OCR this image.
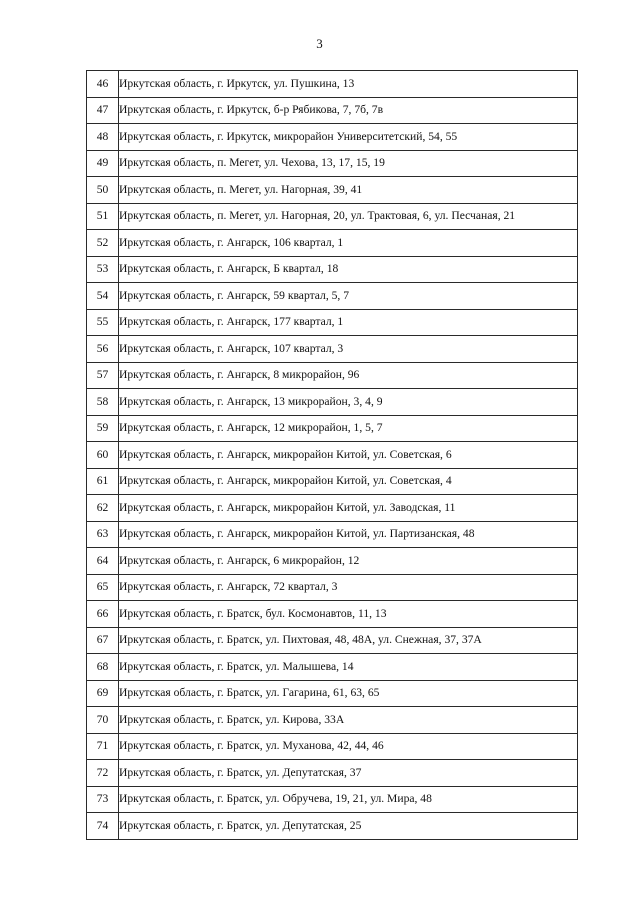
3
46	Иркутская область, г. Иркутск, ул. Пушкина, 13
47	Иркутская область, г. Иркутск, б-р Рябикова, 7, 7б, 7в
48	Иркутская область, г. Иркутск, микрорайон Университетский, 54, 55
49	Иркутская область, п. Мегет, ул. Чехова, 13, 17, 15, 19
50	Иркутская область, п. Мегет, ул. Нагорная, 39, 41
51	Иркутская область, п. Мегет, ул. Нагорная, 20, ул. Трактовая, 6, ул. Песчаная, 21
52	Иркутская область, г. Ангарск, 106 квартал, 1
53	Иркутская область, г. Ангарск, Б квартал, 18
54	Иркутская область, г. Ангарск, 59 квартал, 5, 7
55	Иркутская область, г. Ангарск, 177 квартал, 1
56	Иркутская область, г. Ангарск, 107 квартал, 3
57	Иркутская область, г. Ангарск, 8 микрорайон, 96
58	Иркутская область, г. Ангарск, 13 микрорайон, 3, 4, 9
59	Иркутская область, г. Ангарск, 12 микрорайон, 1, 5, 7
60	Иркутская область, г. Ангарск, микрорайон Китой, ул. Советская, 6
61	Иркутская область, г. Ангарск, микрорайон Китой, ул. Советская, 4
62	Иркутская область, г. Ангарск, микрорайон Китой, ул. Заводская, 11
63	Иркутская область, г. Ангарск, микрорайон Китой, ул. Партизанская, 48
64	Иркутская область, г. Ангарск, 6 микрорайон, 12
65	Иркутская область, г. Ангарск, 72 квартал, 3
66	Иркутская область, г. Братск, бул. Космонавтов, 11, 13
67	Иркутская область, г. Братск, ул. Пихтовая, 48, 48А, ул. Снежная, 37, 37А
68	Иркутская область, г. Братск, ул. Малышева, 14
69	Иркутская область, г. Братск, ул. Гагарина, 61, 63, 65
70	Иркутская область, г. Братск, ул. Кирова, 33А
71	Иркутская область, г. Братск, ул. Муханова, 42, 44, 46
72	Иркутская область, г. Братск, ул. Депутатская, 37
73	Иркутская область, г. Братск, ул. Обручева, 19, 21, ул. Мира, 48
74	Иркутская область, г. Братск, ул. Депутатская, 25
